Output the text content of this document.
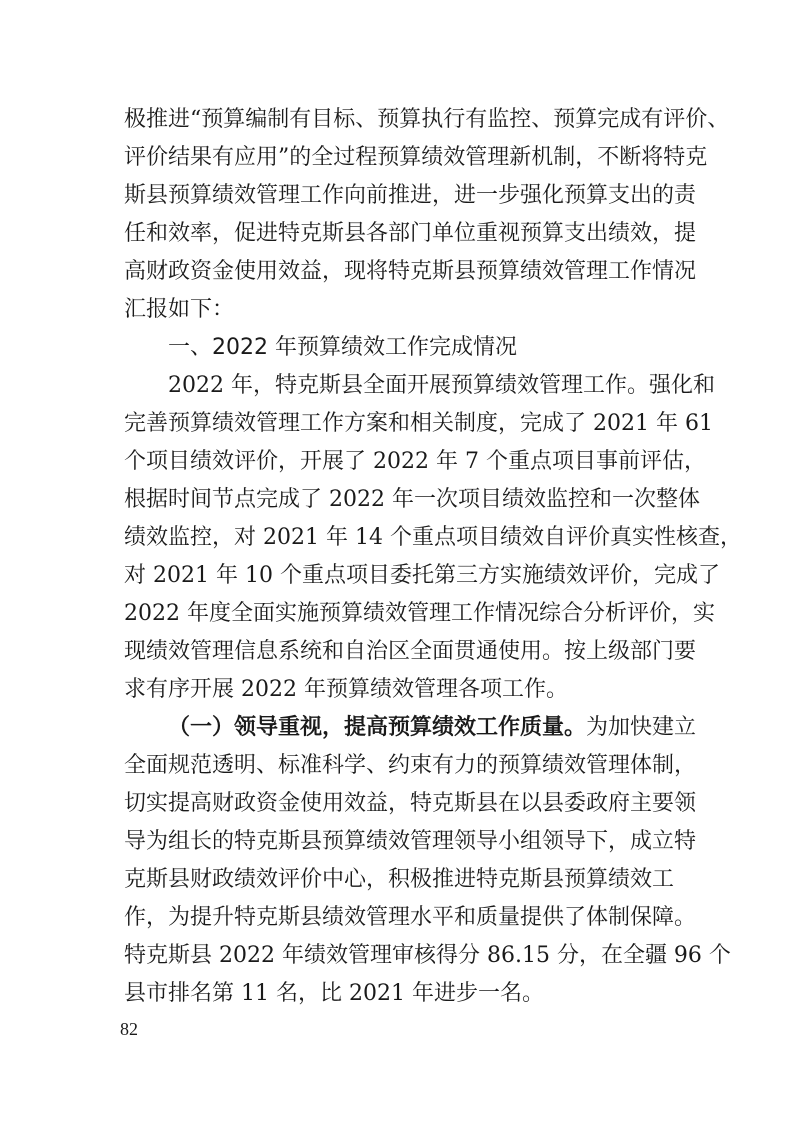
极推进“预算编制有目标、预算执行有监控、预算完成有评价、
评价结果有应用”的全过程预算绩效管理新机制，不断将特克
斯县预算绩效管理工作向前推进，进一步强化预算支出的责
任和效率，促进特克斯县各部门单位重视预算支出绩效，提
高财政资金使用效益，现将特克斯县预算绩效管理工作情况
汇报如下：
一、2022 年预算绩效工作完成情况
2022 年，特克斯县全面开展预算绩效管理工作。强化和
完善预算绩效管理工作方案和相关制度，完成了 2021 年 61
个项目绩效评价，开展了 2022 年 7 个重点项目事前评估，
根据时间节点完成了 2022 年一次项目绩效监控和一次整体
绩效监控，对 2021 年 14 个重点项目绩效自评价真实性核查，
对 2021 年 10 个重点项目委托第三方实施绩效评价，完成了
2022 年度全面实施预算绩效管理工作情况综合分析评价，实
现绩效管理信息系统和自治区全面贯通使用。按上级部门要
求有序开展 2022 年预算绩效管理各项工作。
（一）领导重视，提高预算绩效工作质量。为加快建立
全面规范透明、标准科学、约束有力的预算绩效管理体制，
切实提高财政资金使用效益，特克斯县在以县委政府主要领
导为组长的特克斯县预算绩效管理领导小组领导下，成立特
克斯县财政绩效评价中心，积极推进特克斯县预算绩效工
作，为提升特克斯县绩效管理水平和质量提供了体制保障。
特克斯县 2022 年绩效管理审核得分 86.15 分，在全疆 96 个
县市排名第 11 名，比 2021 年进步一名。
82
